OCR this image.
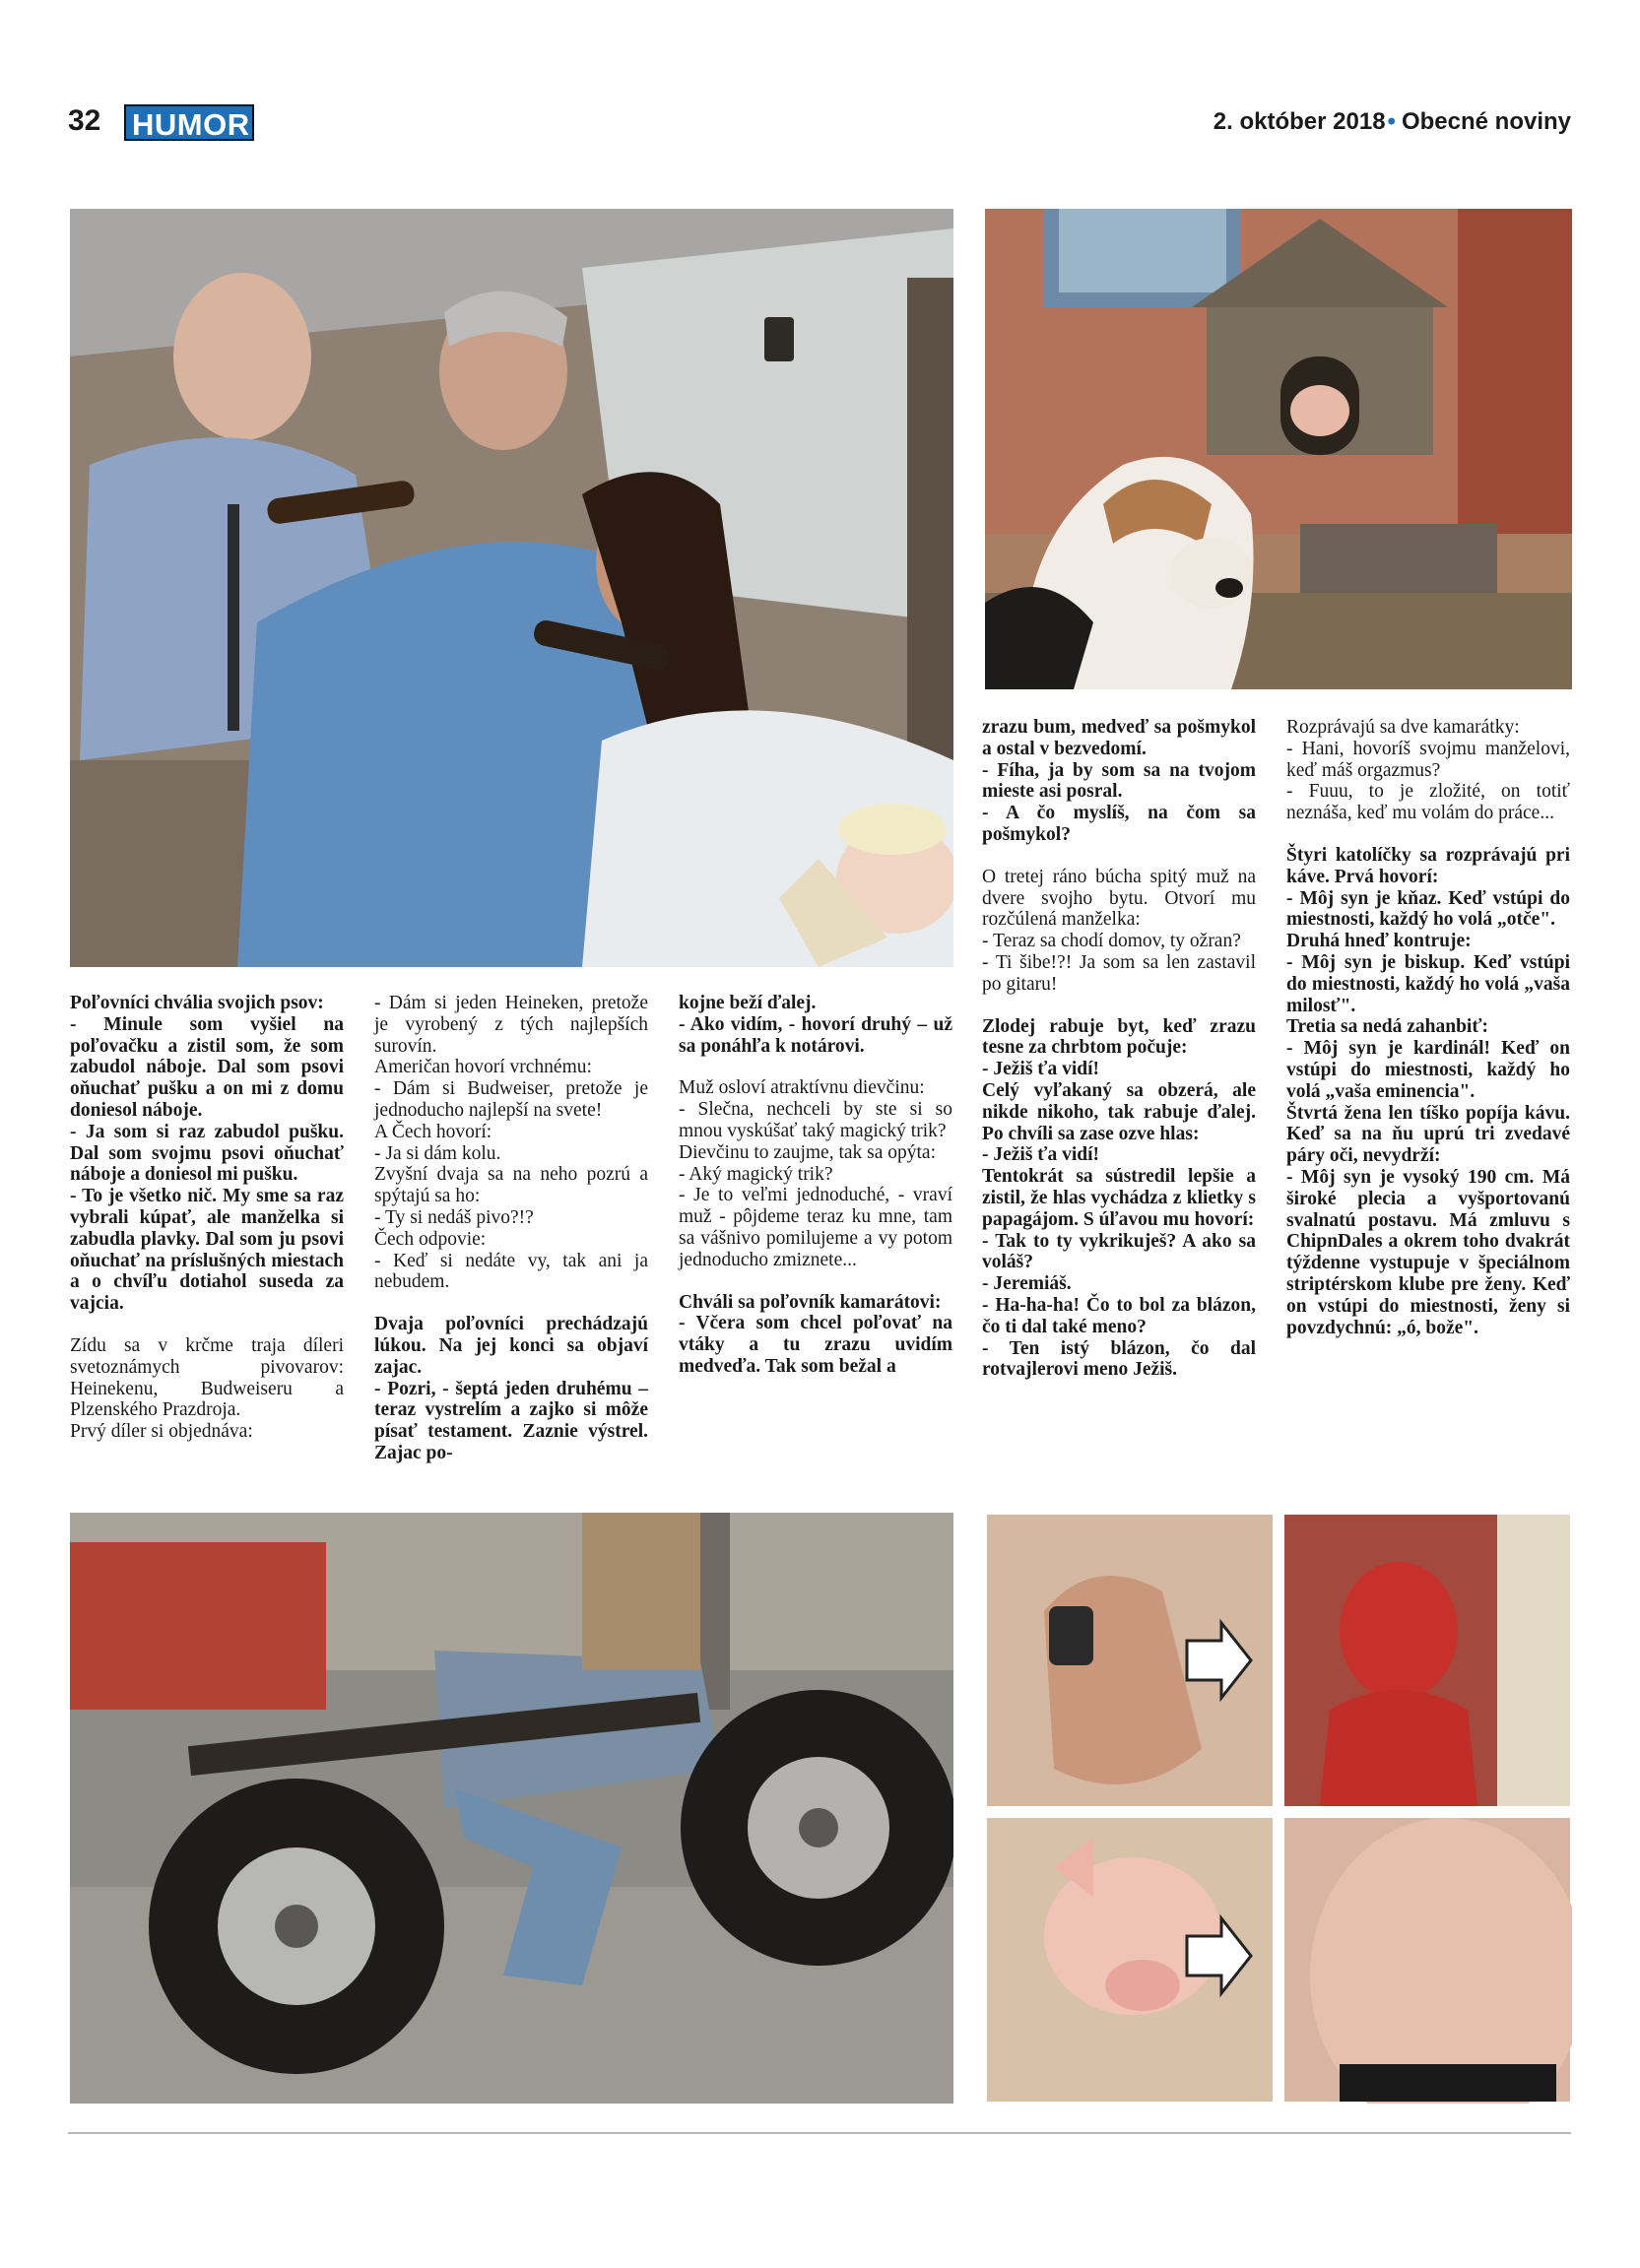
32 HUMOR	2. október 2018• Obecné noviny

Poľovníci chvália svojich psov:
- Minule som vyšiel na poľovačku a zistil som, že som zabudol náboje. Dal som psovi oňuchať pušku a on mi z domu doniesol náboje.
- Ja som si raz zabudol pušku. Dal som svojmu psovi oňuchať náboje a doniesol mi pušku.
- To je všetko nič. My sme sa raz vybrali kúpať, ale manželka si zabudla plavky. Dal som ju psovi oňuchať na príslušných miestach a o chvíľu dotiahol suseda za vajcia.

Zídu sa v krčme traja díleri svetoznámych pivovarov: Heinekenu, Budweiseru a Plzenského Prazdroja.
Prvý díler si objednáva:

- Dám si jeden Heineken, pretože je vyrobený z tých najlepších surovín.
Američan hovorí vrchnému:
- Dám si Budweiser, pretože je jednoducho najlepší na svete!
A Čech hovorí:
- Ja si dám kolu.
Zvyšní dvaja sa na neho pozrú a spýtajú sa ho:
- Ty si nedáš pivo?!?
Čech odpovie:
- Keď si nedáte vy, tak ani ja nebudem.

Dvaja poľovníci prechádzajú lúkou. Na jej konci sa objaví zajac.
- Pozri, - šeptá jeden druhému – teraz vystrelím a zajko si môže písať testament. Zaznie výstrel. Zajac po-

kojne beží ďalej.
- Ako vidím, - hovorí druhý – už sa ponáhľa k notárovi.

Muž osloví atraktívnu dievčinu:
- Slečna, nechceli by ste si so mnou vyskúšať taký magický trik?
Dievčinu to zaujme, tak sa opýta:
- Aký magický trik?
- Je to veľmi jednoduché, - vraví muž - pôjdeme teraz ku mne, tam sa vášnivo pomilujeme a vy potom jednoducho zmiznete...

Chváli sa poľovník kamarátovi:
- Včera som chcel poľovať na vtáky a tu zrazu uvidím medveďa. Tak som bežal a

zrazu bum, medveď sa pošmykol a ostal v bezvedomí.
- Fíha, ja by som sa na tvojom mieste asi posral.
- A čo myslíš, na čom sa pošmykol?

O tretej ráno búcha spitý muž na dvere svojho bytu. Otvorí mu rozčúlená manželka:
- Teraz sa chodí domov, ty ožran?
- Ti šibe!?! Ja som sa len zastavil po gitaru!

Zlodej rabuje byt, keď zrazu tesne za chrbtom počuje:
- Ježiš ťa vidí!
Celý vyľakaný sa obzerá, ale nikde nikoho, tak rabuje ďalej. Po chvíli sa zase ozve hlas:
- Ježiš ťa vidí!
Tentokrát sa sústredil lepšie a zistil, že hlas vychádza z klietky s papagájom. S úľavou mu hovorí:
- Tak to ty vykrikuješ? A ako sa voláš?
- Jeremiáš.
- Ha-ha-ha! Čo to bol za blázon, čo ti dal také meno?
- Ten istý blázon, čo dal rotvajlerovi meno Ježiš.

Rozprávajú sa dve kamarátky:
- Hani, hovoríš svojmu manželovi, keď máš orgazmus?
- Fuuu, to je zložité, on totiť neznáša, keď mu volám do práce...

Štyri katolíčky sa rozprávajú pri káve. Prvá hovorí:
- Môj syn je kňaz. Keď vstúpi do miestnosti, každý ho volá „otče".
Druhá hneď kontruje:
- Môj syn je biskup. Keď vstúpi do miestnosti, každý ho volá „vaša milosť".
Tretia sa nedá zahanbiť:
- Môj syn je kardinál! Keď on vstúpi do miestnosti, každý ho volá „vaša eminencia".
Štvrtá žena len tíško popíja kávu. Keď sa na ňu uprú tri zvedavé páry oči, nevydrží:
- Môj syn je vysoký 190 cm. Má široké plecia a vyšportovanú svalnatú postavu. Má zmluvu s ChipnDales a okrem toho dvakrát týždenne vystupuje v špeciálnom striptérskom klube pre ženy. Keď on vstúpi do miestnosti, ženy si povzdychnú: „ó, bože".
